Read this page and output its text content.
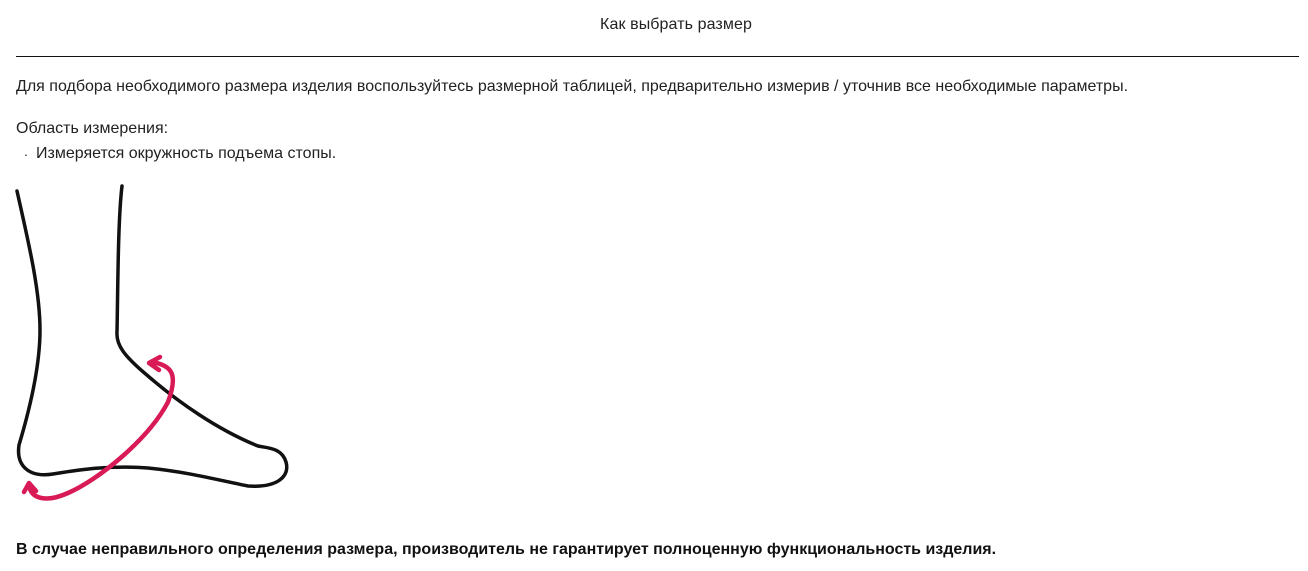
Как выбрать размер
Для подбора необходимого размера изделия воспользуйтесь размерной таблицей, предварительно измерив / уточнив все необходимые параметры.
Область измерения:
· Измеряется окружность подъема стопы.
В случае неправильного определения размера, производитель не гарантирует полноценную функциональность изделия.
